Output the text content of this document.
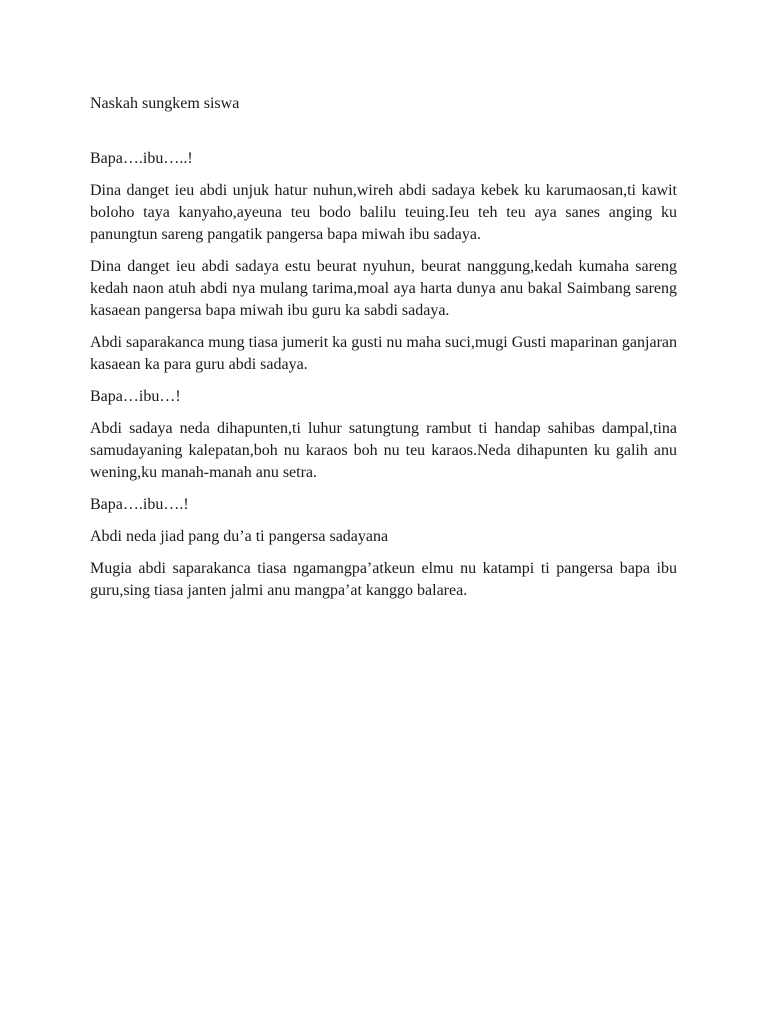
Naskah sungkem siswa

Bapa….ibu…..!

Dina danget ieu abdi unjuk hatur nuhun,wireh abdi sadaya kebek ku karumaosan,ti kawit boloho taya kanyaho,ayeuna teu bodo balilu teuing.Ieu teh teu aya sanes anging ku panungtun sareng pangatik pangersa bapa miwah ibu sadaya.

Dina danget ieu abdi sadaya estu beurat nyuhun, beurat nanggung,kedah kumaha sareng kedah naon atuh abdi nya mulang tarima,moal aya harta dunya anu bakal Saimbang sareng kasaean pangersa bapa miwah ibu guru ka sabdi sadaya.

Abdi saparakanca mung tiasa jumerit ka gusti nu maha suci,mugi Gusti maparinan ganjaran kasaean ka para guru abdi sadaya.

Bapa…ibu…!

Abdi sadaya neda dihapunten,ti luhur satungtung rambut ti handap sahibas dampal,tina samudayaning kalepatan,boh nu karaos boh nu teu karaos.Neda dihapunten ku galih anu wening,ku manah-manah anu setra.

Bapa….ibu….!

Abdi neda jiad pang du’a ti pangersa sadayana

Mugia abdi saparakanca tiasa ngamangpa’atkeun elmu nu katampi ti pangersa bapa ibu guru,sing tiasa janten jalmi anu mangpa’at kanggo balarea.
